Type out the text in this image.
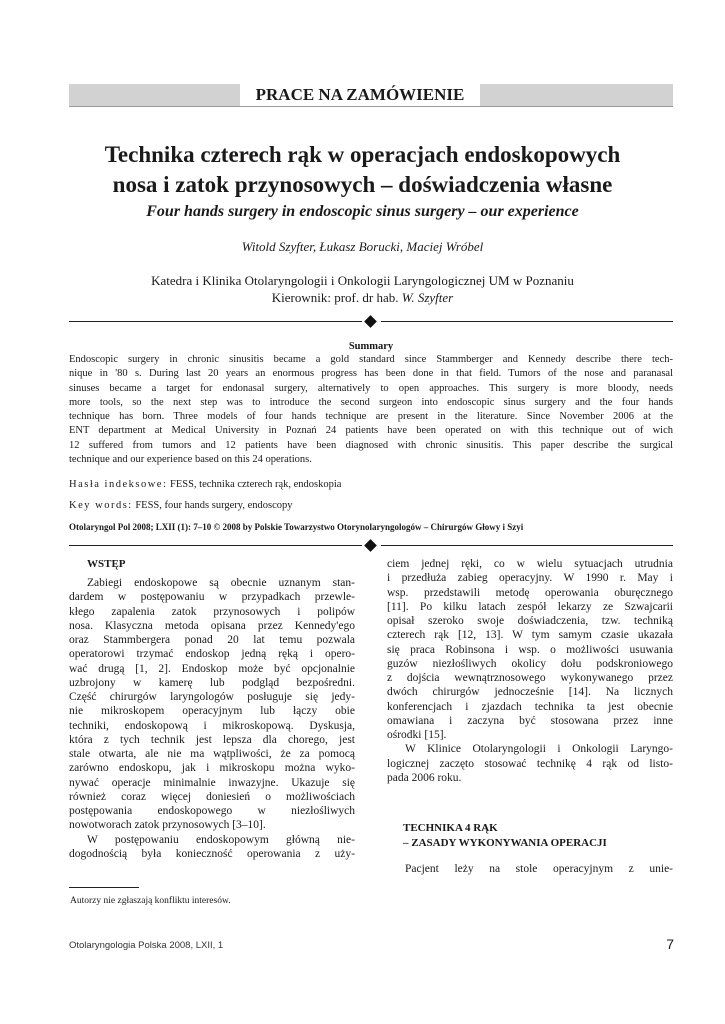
PRACE NA ZAMÓWIENIE
Technika czterech rąk w operacjach endoskopowych
nosa i zatok przynosowych – doświadczenia własne
Four hands surgery in endoscopic sinus surgery – our experience
Witold Szyfter, Łukasz Borucki, Maciej Wróbel
Katedra i Klinika Otolaryngologii i Onkologii Laryngologicznej UM w Poznaniu
Kierownik: prof. dr hab. W. Szyfter
Summary
Endoscopic surgery in chronic sinusitis became a gold standard since Stammberger and Kennedy describe there tech-
nique in '80 s. During last 20 years an enormous progress has been done in that field. Tumors of the nose and paranasal
sinuses became a target for endonasal surgery, alternatively to open approaches. This surgery is more bloody, needs
more tools, so the next step was to introduce the second surgeon into endoscopic sinus surgery and the four hands
technique has born. Three models of four hands technique are present in the literature. Since November 2006 at the
ENT department at Medical University in Poznań 24 patients have been operated on with this technique out of wich
12 suffered from tumors and 12 patients have been diagnosed with chronic sinusitis. This paper describe the surgical
technique and our experience based on this 24 operations.
Hasła indeksowe: FESS, technika czterech rąk, endoskopia
Key words: FESS, four hands surgery, endoscopy
Otolaryngol Pol 2008; LXII (1): 7–10 © 2008 by Polskie Towarzystwo Otorynolaryngologów – Chirurgów Głowy i Szyi
WSTĘP
Zabiegi endoskopowe są obecnie uznanym stan-
dardem w postępowaniu w przypadkach przewle-
kłego zapalenia zatok przynosowych i polipów
nosa. Klasyczna metoda opisana przez Kennedy'ego
oraz Stammbergera ponad 20 lat temu pozwala
operatorowi trzymać endoskop jedną ręką i opero-
wać drugą [1, 2]. Endoskop może być opcjonalnie
uzbrojony w kamerę lub podgląd bezpośredni.
Część chirurgów laryngologów posługuje się jedy-
nie mikroskopem operacyjnym lub łączy obie
techniki, endoskopową i mikroskopową. Dyskusja,
która z tych technik jest lepsza dla chorego, jest
stale otwarta, ale nie ma wątpliwości, że za pomocą
zarówno endoskopu, jak i mikroskopu można wyko-
nywać operacje minimalnie inwazyjne. Ukazuje się
również coraz więcej doniesień o możliwościach
postępowania endoskopowego w niezłośliwych
nowotworach zatok przynosowych [3–10].
W postępowaniu endoskopowym główną nie-
dogodnością była konieczność operowania z uży-
ciem jednej ręki, co w wielu sytuacjach utrudnia
i przedłuża zabieg operacyjny. W 1990 r. May i
wsp. przedstawili metodę operowania oburęcznego
[11]. Po kilku latach zespół lekarzy ze Szwajcarii
opisał szeroko swoje doświadczenia, tzw. techniką
czterech rąk [12, 13]. W tym samym czasie ukazała
się praca Robinsona i wsp. o możliwości usuwania
guzów niezłośliwych okolicy dołu podskroniowego
z dojścia wewnątrznosowego wykonywanego przez
dwóch chirurgów jednocześnie [14]. Na licznych
konferencjach i zjazdach technika ta jest obecnie
omawiana i zaczyna być stosowana przez inne
ośrodki [15].
W Klinice Otolaryngologii i Onkologii Laryngo-
logicznej zaczęto stosować technikę 4 rąk od listo-
pada 2006 roku.
TECHNIKA 4 RĄK
– ZASADY WYKONYWANIA OPERACJI
Pacjent leży na stole operacyjnym z unie-
Autorzy nie zgłaszają konfliktu interesów.
Otolaryngologia Polska 2008, LXII, 1	7
